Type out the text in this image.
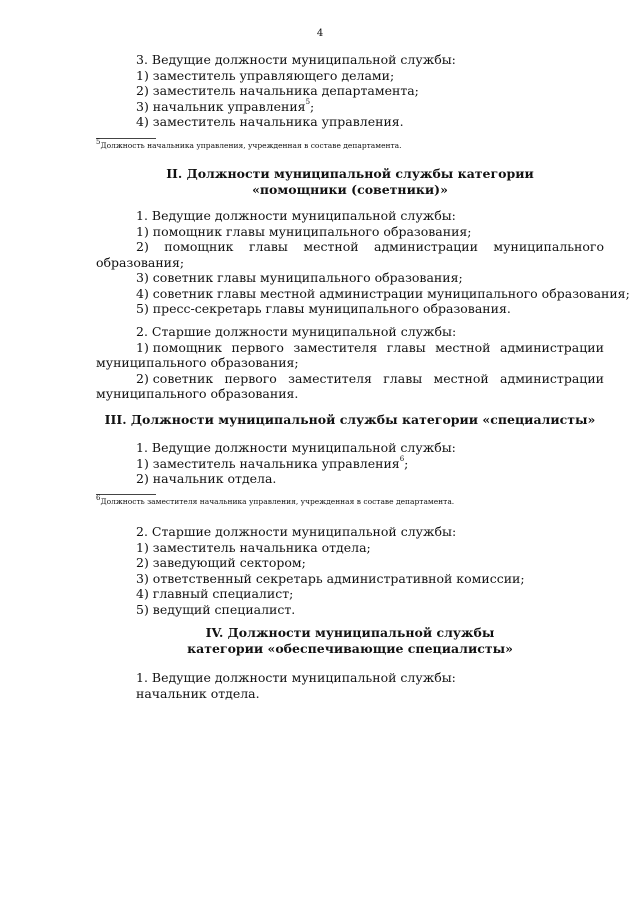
4
3. Ведущие должности муниципальной службы:
1) заместитель управляющего делами;
2) заместитель начальника департамента;
3) начальник управления$^5$;
4) заместитель начальника управления.
$^5$Должность начальника управления, учрежденная в составе департамента.
II. Должности муниципальной службы категории
«помощники (советники)»
1. Ведущие должности муниципальной службы:
1) помощник главы муниципального образования;
2) помощник главы местной администрации муниципального
образования;
3) советник главы муниципального образования;
4) советник главы местной администрации муниципального образования;
5) пресс-секретарь главы муниципального образования.
2. Старшие должности муниципальной службы:
1) помощник первого заместителя главы местной администрации
муниципального образования;
2) советник первого заместителя главы местной администрации
муниципального образования.
III. Должности муниципальной службы категории «специалисты»
1. Ведущие должности муниципальной службы:
1) заместитель начальника управления$^6$;
2) начальник отдела.
$^6$Должность заместителя начальника управления, учрежденная в составе департамента.
2. Старшие должности муниципальной службы:
1) заместитель начальника отдела;
2) заведующий сектором;
3) ответственный секретарь административной комиссии;
4) главный специалист;
5) ведущий специалист.
IV. Должности муниципальной службы
категории «обеспечивающие специалисты»
1. Ведущие должности муниципальной службы:
начальник отдела.
